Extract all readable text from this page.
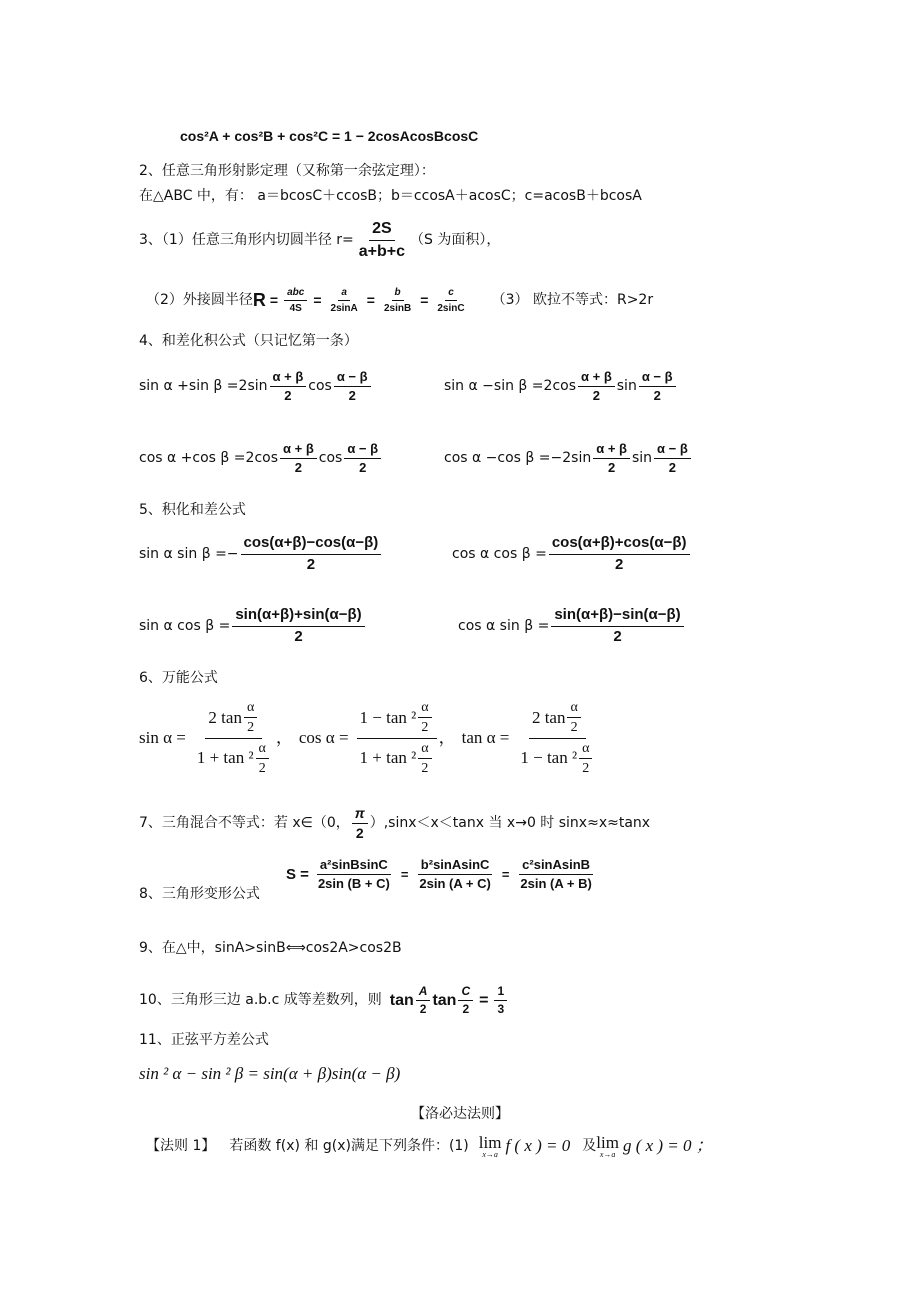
cos²A + cos²B + cos²C = 1 − 2cosAcosBcosC
2、任意三角形射影定理（又称第一余弦定理）：
在△ABC 中，有： a＝bcosC＋ccosB；b＝ccosA＋acosC；c=acosB＋bcosA
3、（1）任意三角形内切圆半径 $r= \frac{2S}{a+b+c} (S$ 为面积），
（2）外接圆半径 $R = \frac{\text{abc}}{4S} = \frac{a}{2\sin A} = \frac{b}{2\sin B} = \frac{c}{2\sin C} (3)$ 欧拉不等式：R>2r
4、和差化积公式（只记忆第一条）
sin α +sin $\beta =2\sin \frac{\alpha + \beta}{2}$ $\cos \frac{\alpha - \beta}{2}$	sin α −sin $\beta =2\cos \frac{\alpha + \beta}{2}$ $\sin \frac{\alpha - \beta}{2}$
cos α +cos $\beta =2\cos \frac{\alpha + \beta}{2}$ $\cos \frac{\alpha - \beta}{2}$	cos α −cos $\beta =-2\sin \frac{\alpha + \beta}{2}$ $\sin \frac{\alpha - \beta}{2}$
5、积化和差公式
sin α $\sin \beta =- \frac{\cos(\alpha+\beta)-\cos(\alpha-\beta)}{2}$	cos α $\cos \beta = \frac{\cos(\alpha+\beta)+\cos(\alpha-\beta)}{2}$
sin α $\cos \beta = \frac{\sin(\alpha+\beta)+\sin(\alpha-\beta)}{2}$	cos α $\sin \beta = \frac{\sin(\alpha+\beta)-\sin(\alpha-\beta)}{2}$
6、万能公式
$\sin \alpha = \frac{2 \tan \frac{\alpha}{2}}{1 + \tan ^2 \frac{\alpha}{2}}$ ， $\cos \alpha = \frac{1 - \tan ^2 \frac{\alpha}{2}}{1 + \tan ^2 \frac{\alpha}{2}}$ ， $\tan \alpha = \frac{2 \tan \frac{\alpha}{2}}{1 - \tan ^2 \frac{\alpha}{2}}$
7、三角混合不等式：若 x∈（0， $\frac{\pi}{2} ),\sin x<x<\tan x$ 当 x→0 时 sinx≈x≈tanx
8、三角形变形公式
$S = \frac{\text{a²sinBsinC}}{2\sin (B + C)} = \frac{\text{b²sinAsinC}}{2\sin (A + C)} = \frac{\text{c²sinAsinB}}{2\sin (A + B)}$
9、在△中，sinA>sinB⟺cos2A>cos2B
10、三角形三边 a.b.c 成等差数列，则 $\tan \frac{A}{2}$ $\tan \frac{C}{2} = \frac{1}{3}$
11、正弦平方差公式
sin ² α − sin ² β = sin(α + β)sin(α − β)
【洛必达法则】
【法则 1】 若函数 f(x) 和 g(x)满足下列条件：(1) lim
x→a f ( x ) = 0 及 lim
x→a g ( x ) = 0 ；
